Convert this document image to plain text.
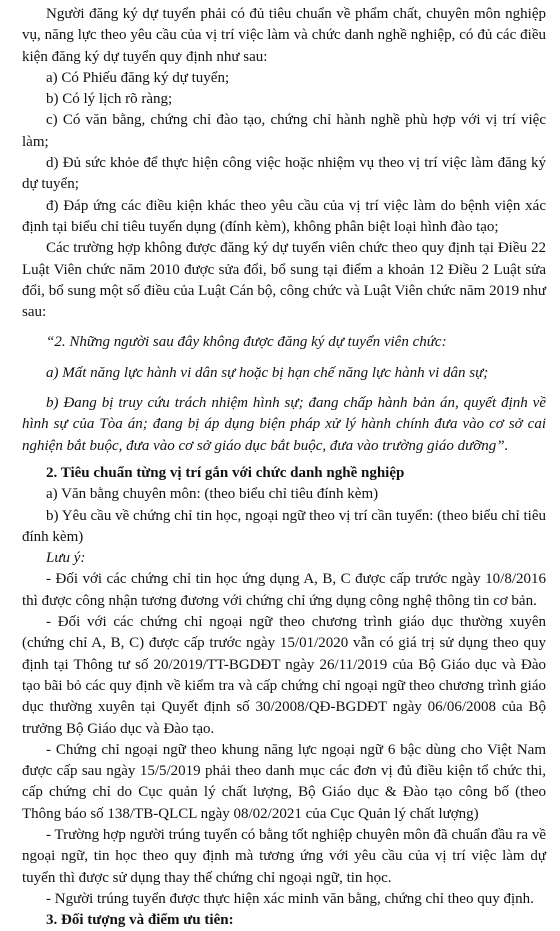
Người đăng ký dự tuyển phải có đủ tiêu chuẩn về phẩm chất, chuyên môn nghiệp vụ, năng lực theo yêu cầu của vị trí việc làm và chức danh nghề nghiệp, có đủ các điều kiện đăng ký dự tuyển quy định như sau:

a) Có Phiếu đăng ký dự tuyển;

b) Có lý lịch rõ ràng;

c) Có văn bằng, chứng chỉ đào tạo, chứng chỉ hành nghề phù hợp với vị trí việc làm;

d) Đủ sức khỏe để thực hiện công việc hoặc nhiệm vụ theo vị trí việc làm đăng ký dự tuyển;

đ) Đáp ứng các điều kiện khác theo yêu cầu của vị trí việc làm do bệnh viện xác định tại biểu chỉ tiêu tuyển dụng (đính kèm), không phân biệt loại hình đào tạo;

Các trường hợp không được đăng ký dự tuyển viên chức theo quy định tại Điều 22 Luật Viên chức năm 2010 được sửa đổi, bổ sung tại điểm a khoản 12 Điều 2 Luật sửa đổi, bổ sung một số điều của Luật Cán bộ, công chức và Luật Viên chức năm 2019 như sau:

“2. Những người sau đây không được đăng ký dự tuyển viên chức:

a) Mất năng lực hành vi dân sự hoặc bị hạn chế năng lực hành vi dân sự;

b) Đang bị truy cứu trách nhiệm hình sự; đang chấp hành bản án, quyết định về hình sự của Tòa án; đang bị áp dụng biện pháp xử lý hành chính đưa vào cơ sở cai nghiện bắt buộc, đưa vào cơ sở giáo dục bắt buộc, đưa vào trường giáo dưỡng”.

2. Tiêu chuẩn từng vị trí gắn với chức danh nghề nghiệp

a) Văn bằng chuyên môn: (theo biểu chỉ tiêu đính kèm)

b) Yêu cầu về chứng chỉ tin học, ngoại ngữ theo vị trí cần tuyển: (theo biểu chỉ tiêu đính kèm)

Lưu ý:

- Đối với các chứng chỉ tin học ứng dụng A, B, C được cấp trước ngày 10/8/2016 thì được công nhận tương đương với chứng chỉ ứng dụng công nghệ thông tin cơ bản.

- Đối với các chứng chỉ ngoại ngữ theo chương trình giáo dục thường xuyên (chứng chỉ A, B, C) được cấp trước ngày 15/01/2020 vẫn có giá trị sử dụng theo quy định tại Thông tư số 20/2019/TT-BGDĐT ngày 26/11/2019 của Bộ Giáo dục và Đào tạo bãi bỏ các quy định về kiểm tra và cấp chứng chỉ ngoại ngữ theo chương trình giáo dục thường xuyên tại Quyết định số 30/2008/QĐ-BGDĐT ngày 06/06/2008 của Bộ trưởng Bộ Giáo dục và Đào tạo.

- Chứng chỉ ngoại ngữ theo khung năng lực ngoại ngữ 6 bậc dùng cho Việt Nam được cấp sau ngày 15/5/2019 phải theo danh mục các đơn vị đủ điều kiện tổ chức thi, cấp chứng chỉ do Cục quản lý chất lượng, Bộ Giáo dục & Đào tạo công bố (theo Thông báo số 138/TB-QLCL ngày 08/02/2021 của Cục Quản lý chất lượng)

- Trường hợp người trúng tuyển có bằng tốt nghiệp chuyên môn đã chuẩn đầu ra về ngoại ngữ, tin học theo quy định mà tương ứng với yêu cầu của vị trí việc làm dự tuyển thì được sử dụng thay thế chứng chỉ ngoại ngữ, tin học.

- Người trúng tuyển được thực hiện xác minh văn bằng, chứng chỉ theo quy định.

3. Đối tượng và điểm ưu tiên:
